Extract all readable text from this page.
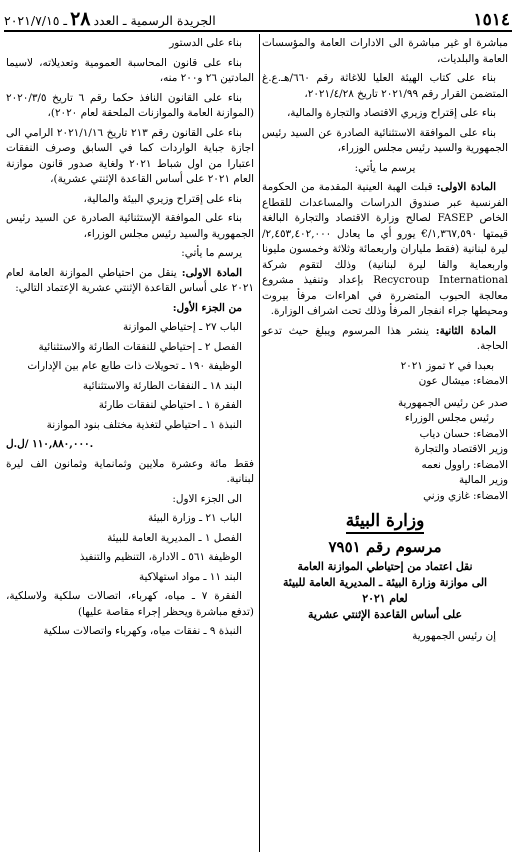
١٥١٤
الجريدة الرسمية ـ العدد٢٨ـ ٢٠٢١/٧/١٥

مباشرة او غير مباشرة الى الادارات العامة والمؤسسات العامة والبلديات،

بناء على كتاب الهيئة العليا للاغاثة رقم ٦٦٠/هـ.ع.غ المتضمن القرار رقم ٢٠٢١/٩٩ تاريخ ٢٠٢١/٤/٢٨،

بناء على إقتراح وزيري الاقتصاد والتجارة والمالية،

بناء على الموافقة الاستثنائية الصادرة عن السيد رئيس الجمهورية والسيد رئيس مجلس الوزراء،

يرسم ما يأتي:

المادة الاولى: قبلت الهبة العينية المقدمة من الحكومة الفرنسية عبر صندوق الدراسات والمساعدات للقطاع الخاص FASEP لصالح وزارة الاقتصاد والتجارة البالغة قيمتها ١,٣٦٧,٥٩٠/€ يورو أي ما يعادل ٢,٤٥٣,٤٠٢,٠٠٠/ ليرة لبنانية (فقط ملياران واربعمائة وثلاثة وخمسون مليونا واربعماية والفا ليرة لبنانية) وذلك لتقوم شركة Recycroup International بإعداد وتنفيذ مشروع معالجة الحبوب المتضررة في اهراءات مرفأ بيروت ومحيطها جراء انفجار المرفأ وذلك تحت اشراف الوزارة.

المادة الثانية: ينشر هذا المرسوم ويبلغ حيث تدعو الحاجة.

بعبدا في ٢ تموز ٢٠٢١

الامضاء: ميشال عون

صدر عن رئيس الجمهورية

رئيس مجلس الوزراء

الامضاء: حسان دياب

وزير الاقتصاد والتجارة

الامضاء: راوول نعمه

وزير المالية

الامضاء: غازي وزني

وزارة البيئة
مرسوم رقم ٧٩٥١
نقل اعتماد من إحتياطي الموازنة العامة
الى موازنة وزارة البيئة ـ المديرية العامة للبيئة
لعام ٢٠٢١
على أساس القاعدة الإثنتي عشرية

إن رئيس الجمهورية

بناء على الدستور

بناء على قانون المحاسبة العمومية وتعديلاته، لاسيما المادتين ٢٦ و٢٠٠ منه،

بناء على القانون النافذ حكما رقم ٦ تاريخ ٢٠٢٠/٣/٥ (الموازنة العامة والموازنات الملحقة لعام ٢٠٢٠)،

بناء على القانون رقم ٢١٣ تاريخ ٢٠٢١/١/١٦ الرامي الى اجازة جباية الواردات كما في السابق وصرف النفقات اعتبارا من اول شباط ٢٠٢١ ولغاية صدور قانون موازنة العام ٢٠٢١ على أساس القاعدة الإثنتي عشرية)،

بناء على إقتراح وزيري البيئة والمالية،

بناء على الموافقة الإستثنائية الصادرة عن السيد رئيس الجمهورية والسيد رئيس مجلس الوزراء،

يرسم ما يأتي:

المادة الاولى: ينقل من احتياطي الموازنة العامة لعام ٢٠٢١ على أساس القاعدة الإثنتي عشرية الإعتماد التالي:

من الجزء الأول:

الباب ٢٧ ـ إحتياطي الموازنة

الفصل ٢ ـ إحتياطي للنفقات الطارئة والاستثنائية

الوظيفة ١٩٠ ـ تحويلات ذات طابع عام بين الإدارات

البند ١٨ ـ النفقات الطارئة والاستثنائية

الفقرة ١ ـ احتياطي لنفقات طارئة

النبذة ١ ـ احتياطي لتغذية مختلف بنود الموازنة

١١٠,٨٨٠,٠٠٠ /ل.ل.

فقط مائة وعشرة ملايين وثمانماية وثمانون الف ليرة لبنانية.

الى الجزء الاول:

الباب ٢١ ـ وزارة البيئة

الفصل ١ ـ المديرية العامة للبيئة

الوظيفة ٥٦١ ـ الادارة، التنظيم والتنفيذ

البند ١١ ـ مواد استهلاكية

الفقرة ٧ ـ مياه، كهرباء، اتصالات سلكية ولاسلكية، (تدفع مباشرة ويحظر إجراء مقاصة عليها)

النبذة ٩ ـ نفقات مياه، وكهرباء واتصالات سلكية
